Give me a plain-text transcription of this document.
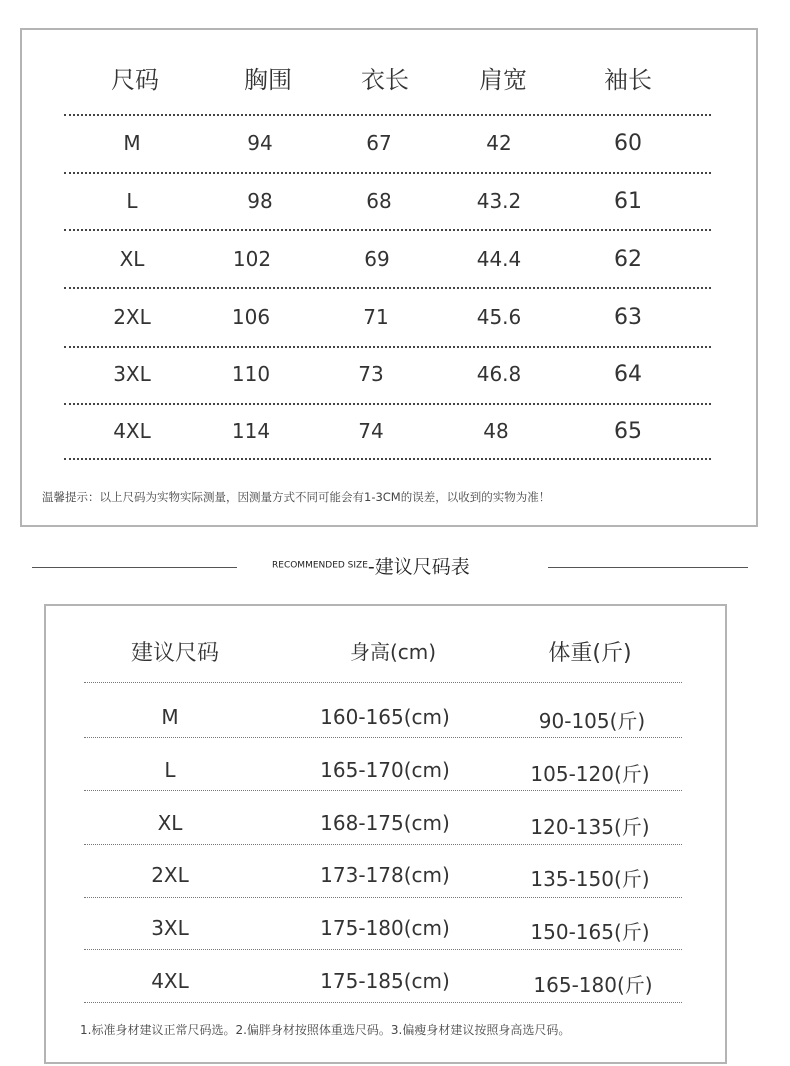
尺码	胸围	衣长	肩宽	袖长
M	94	67	42	60
L	98	68	43.2	61
XL	102	69	44.4	62
2XL	106	71	45.6	63
3XL	110	73	46.8	64
4XL	114	74	48	65
温馨提示：以上尺码为实物实际测量，因测量方式不同可能会有1-3CM的误差，以收到的实物为准！
RECOMMENDED SIZE-建议尺码表
建议尺码	身高(cm)	体重(斤)
M	160-165(cm)	90-105(斤)
L	165-170(cm)	105-120(斤)
XL	168-175(cm)	120-135(斤)
2XL	173-178(cm)	135-150(斤)
3XL	175-180(cm)	150-165(斤)
4XL	175-185(cm)	165-180(斤)
1.标准身材建议正常尺码选。2.偏胖身材按照体重选尺码。3.偏瘦身材建议按照身高选尺码。
